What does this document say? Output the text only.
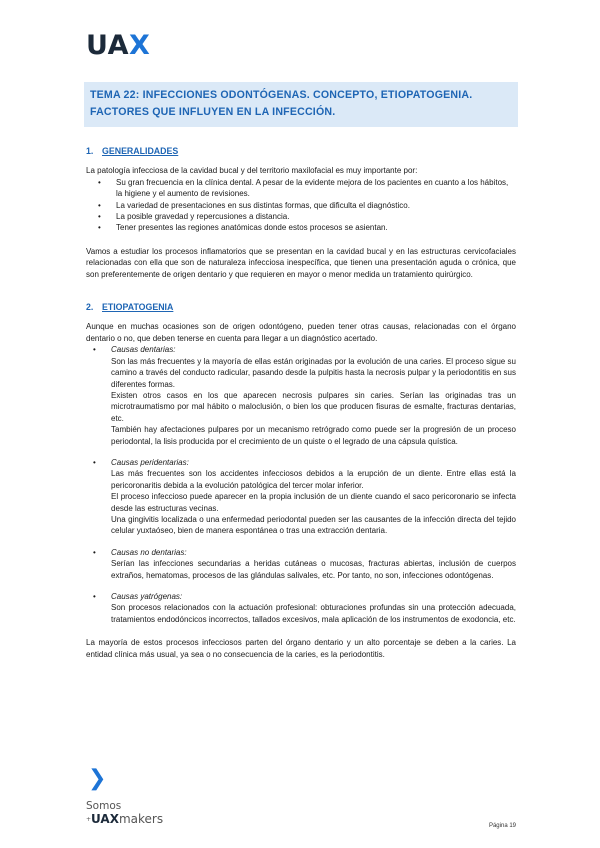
UAX

TEMA 22: INFECCIONES ODONTÓGENAS. CONCEPTO, ETIOPATOGENIA.

FACTORES QUE INFLUYEN EN LA INFECCIÓN.

1. GENERALIDADES

La patología infecciosa de la cavidad bucal y del territorio maxilofacial es muy importante por:

• Su gran frecuencia en la clínica dental. A pesar de la evidente mejora de los pacientes en cuanto a los hábitos, la higiene y el aumento de revisiones.
• La variedad de presentaciones en sus distintas formas, que dificulta el diagnóstico.
• La posible gravedad y repercusiones a distancia.
• Tener presentes las regiones anatómicas donde estos procesos se asientan.

Vamos a estudiar los procesos inflamatorios que se presentan en la cavidad bucal y en las estructuras cervicofaciales relacionadas con ella que son de naturaleza infecciosa inespecífica, que tienen una presentación aguda o crónica, que son preferentemente de origen dentario y que requieren en mayor o menor medida un tratamiento quirúrgico.

2. ETIOPATOGENIA

Aunque en muchas ocasiones son de origen odontógeno, pueden tener otras causas, relacionadas con el órgano dentario o no, que deben tenerse en cuenta para llegar a un diagnóstico acertado.

• Causas dentarias:

Son las más frecuentes y la mayoría de ellas están originadas por la evolución de una caries. El proceso sigue su camino a través del conducto radicular, pasando desde la pulpitis hasta la necrosis pulpar y la periodontitis en sus diferentes formas.

Existen otros casos en los que aparecen necrosis pulpares sin caries. Serían las originadas tras un microtraumatismo por mal hábito o maloclusión, o bien los que producen fisuras de esmalte, fracturas dentarias, etc.

También hay afectaciones pulpares por un mecanismo retrógrado como puede ser la progresión de un proceso periodontal, la lisis producida por el crecimiento de un quiste o el legrado de una cápsula quística.

• Causas peridentarias:

Las más frecuentes son los accidentes infecciosos debidos a la erupción de un diente. Entre ellas está la pericoronaritis debida a la evolución patológica del tercer molar inferior.

El proceso infeccioso puede aparecer en la propia inclusión de un diente cuando el saco pericoronario se infecta desde las estructuras vecinas.

Una gingivitis localizada o una enfermedad periodontal pueden ser las causantes de la infección directa del tejido celular yuxtaóseo, bien de manera espontánea o tras una extracción dentaria.

• Causas no dentarias:

Serían las infecciones secundarias a heridas cutáneas o mucosas, fracturas abiertas, inclusión de cuerpos extraños, hematomas, procesos de las glándulas salivales, etc. Por tanto, no son, infecciones odontógenas.

• Causas yatrógenas:

Son procesos relacionados con la actuación profesional: obturaciones profundas sin una protección adecuada, tratamientos endodóncicos incorrectos, tallados excesivos, mala aplicación de los instrumentos de exodoncia, etc.

La mayoría de estos procesos infecciosos parten del órgano dentario y un alto porcentaje se deben a la caries. La entidad clínica más usual, ya sea o no consecuencia de la caries, es la periodontitis.

❯
Somos
+UAXmakers	Página 19
